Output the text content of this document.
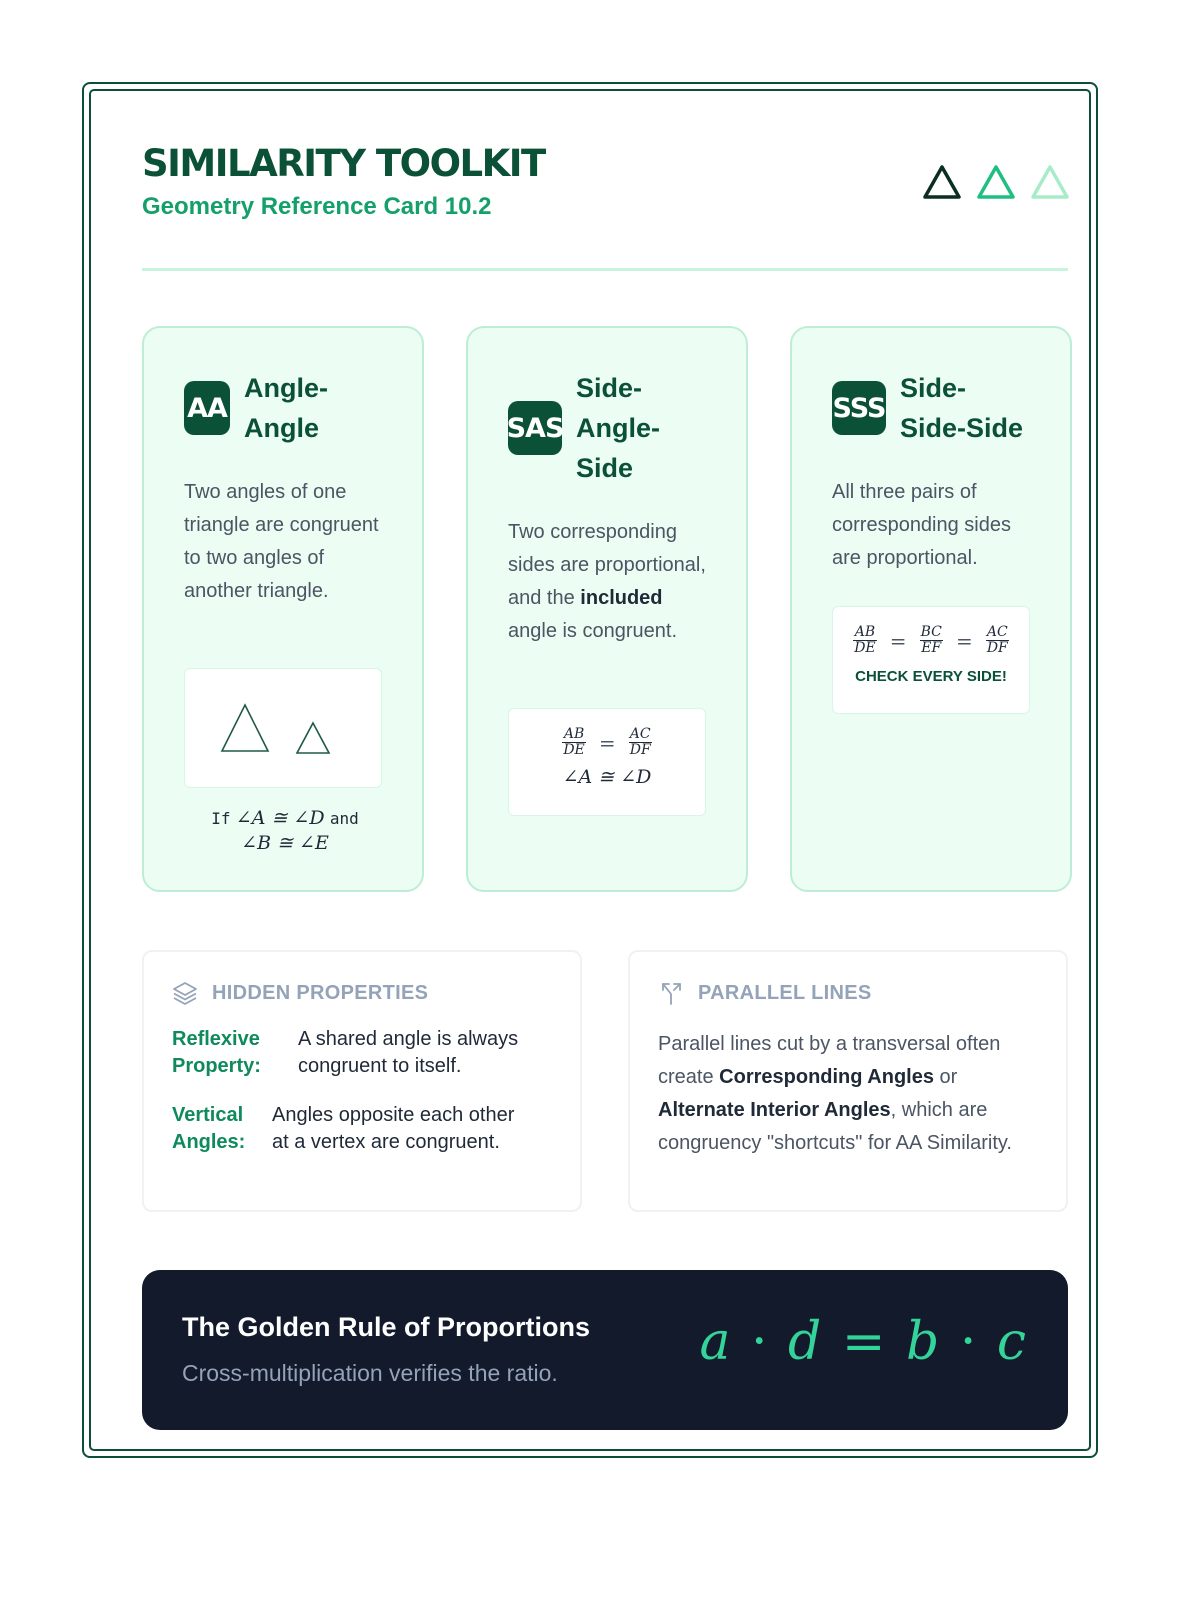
SIMILARITY TOOLKIT
Geometry Reference Card 10.2
AA
Angle-
Angle
Two angles of one triangle are congruent to two angles of another triangle.
If ∠A ≅ ∠D and
∠B ≅ ∠E
SAS
Side-
Angle-
Side
Two corresponding sides are proportional, and the included angle is congruent.
$\frac{AB}{DE} = \frac{AC}{DF}$
∠A ≅ ∠D
SSS
Side-
Side-Side
All three pairs of corresponding sides are proportional.
$\frac{AB}{DE} = \frac{BC}{EF} = \frac{AC}{DF}$
CHECK EVERY SIDE!
HIDDEN PROPERTIES
Reflexive
Property:
A shared angle is always
congruent to itself.
Vertical
Angles:
Angles opposite each other
at a vertex are congruent.
PARALLEL LINES
Parallel lines cut by a transversal often create Corresponding Angles or Alternate Interior Angles, which are congruency "shortcuts" for AA Similarity.
The Golden Rule of Proportions
Cross-multiplication verifies the ratio.
a · d = b · c
